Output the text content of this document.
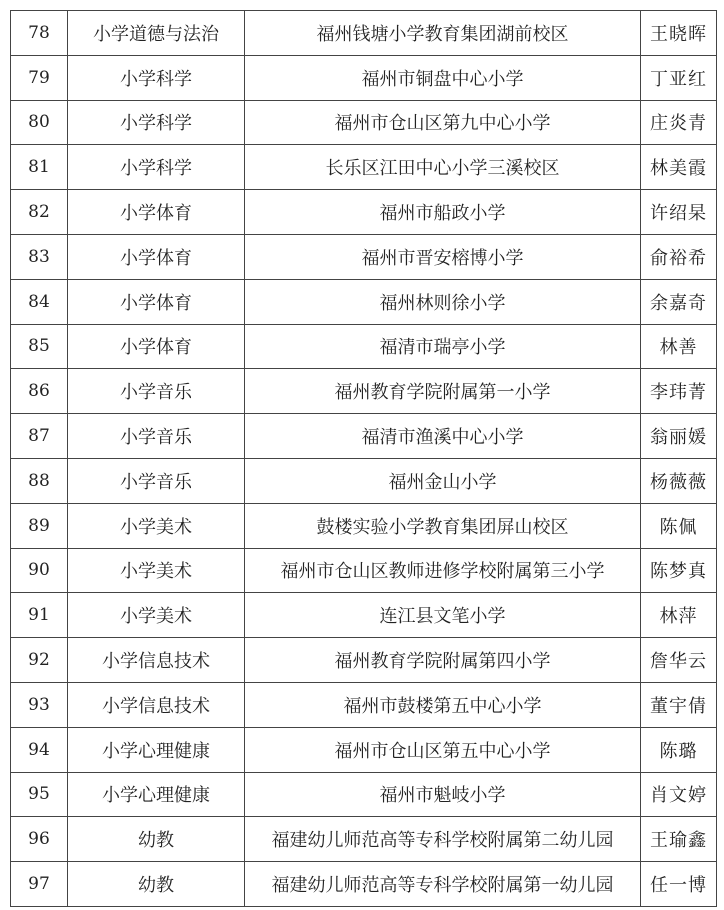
78	小学道德与法治	福州钱塘小学教育集团湖前校区	王晓晖
79	小学科学	福州市铜盘中心小学	丁亚红
80	小学科学	福州市仓山区第九中心小学	庄炎青
81	小学科学	长乐区江田中心小学三溪校区	林美霞
82	小学体育	福州市船政小学	许绍杲
83	小学体育	福州市晋安榕博小学	俞裕希
84	小学体育	福州林则徐小学	余嘉奇
85	小学体育	福清市瑞亭小学	林善
86	小学音乐	福州教育学院附属第一小学	李玮菁
87	小学音乐	福清市渔溪中心小学	翁丽媛
88	小学音乐	福州金山小学	杨薇薇
89	小学美术	鼓楼实验小学教育集团屏山校区	陈佩
90	小学美术	福州市仓山区教师进修学校附属第三小学	陈梦真
91	小学美术	连江县文笔小学	林萍
92	小学信息技术	福州教育学院附属第四小学	詹华云
93	小学信息技术	福州市鼓楼第五中心小学	董宇倩
94	小学心理健康	福州市仓山区第五中心小学	陈璐
95	小学心理健康	福州市魁岐小学	肖文婷
96	幼教	福建幼儿师范高等专科学校附属第二幼儿园	王瑜鑫
97	幼教	福建幼儿师范高等专科学校附属第一幼儿园	任一博
